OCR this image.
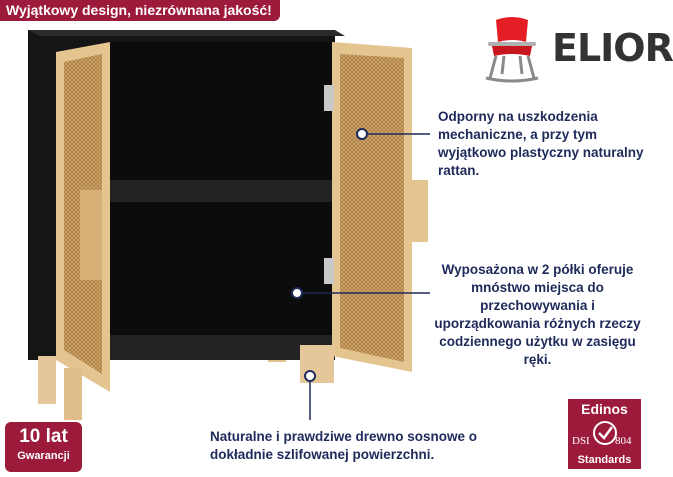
Wyjątkowy design, niezrównana jakość!
ELIOR
Odporny na uszkodzenia mechaniczne, a przy tym wyjątkowo plastyczny naturalny rattan.
Wyposażona w 2 półki oferuje mnóstwo miejsca do przechowywania i uporządkowania różnych rzeczy codziennego użytku w zasięgu ręki.
Naturalne i prawdziwe drewno sosnowe o dokładnie szlifowanej powierzchni.
10 lat
Gwarancji
Edinos
DSI 804
Standards
